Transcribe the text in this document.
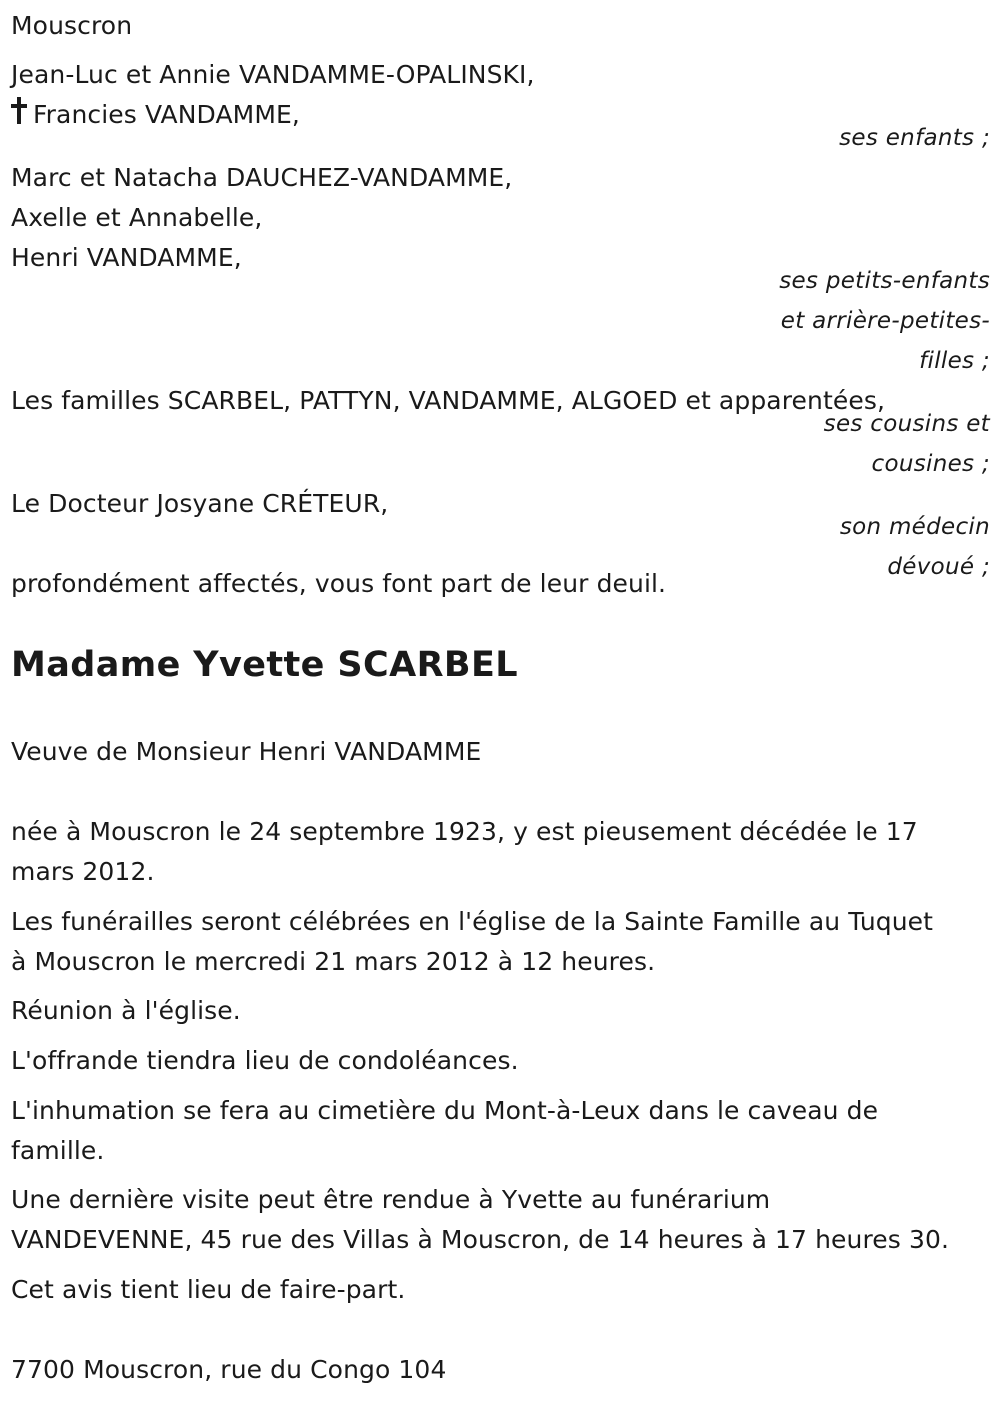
Mouscron
Jean-Luc et Annie VANDAMME-OPALINSKI,
Francies VANDAMME,
ses enfants ;
Marc et Natacha DAUCHEZ-VANDAMME,
Axelle et Annabelle,
Henri VANDAMME,
ses petits-enfants
et arrière-petites-
filles ;
Les familles SCARBEL, PATTYN, VANDAMME, ALGOED et apparentées,
ses cousins et
cousines ;
Le Docteur Josyane CRÉTEUR,
son médecin
dévoué ;
profondément affectés, vous font part de leur deuil.
Madame Yvette SCARBEL
Veuve de Monsieur Henri VANDAMME
née à Mouscron le 24 septembre 1923, y est pieusement décédée le 17
mars 2012.
Les funérailles seront célébrées en l'église de la Sainte Famille au Tuquet
à Mouscron le mercredi 21 mars 2012 à 12 heures.
Réunion à l'église.
L'offrande tiendra lieu de condoléances.
L'inhumation se fera au cimetière du Mont-à-Leux dans le caveau de
famille.
Une dernière visite peut être rendue à Yvette au funérarium
VANDEVENNE, 45 rue des Villas à Mouscron, de 14 heures à 17 heures 30.
Cet avis tient lieu de faire-part.
7700 Mouscron, rue du Congo 104
